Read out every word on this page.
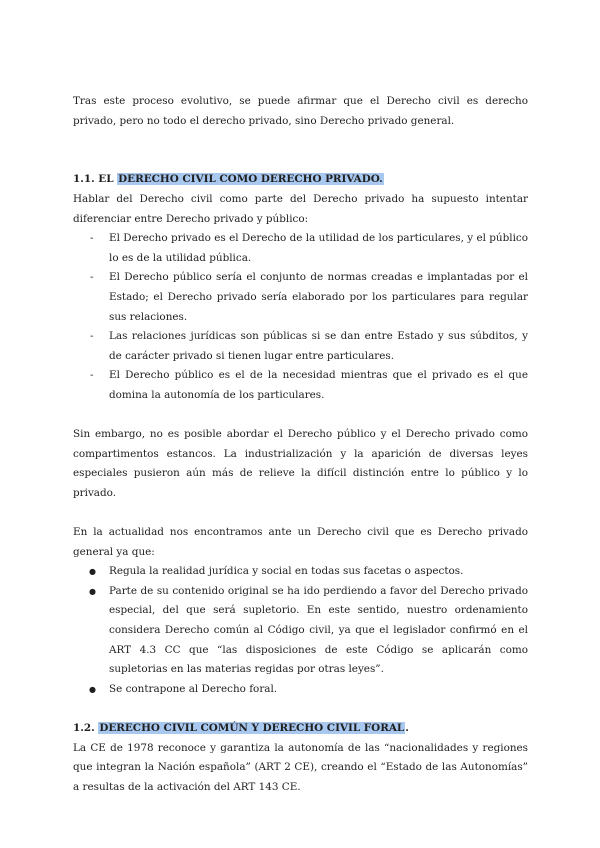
Tras este proceso evolutivo, se puede afirmar que el Derecho civil es derecho privado, pero no todo el derecho privado, sino Derecho privado general.

1.1. EL DERECHO CIVIL COMO DERECHO PRIVADO.

Hablar del Derecho civil como parte del Derecho privado ha supuesto intentar diferenciar entre Derecho privado y público:

- El Derecho privado es el Derecho de la utilidad de los particulares, y el público lo es de la utilidad pública.
- El Derecho público sería el conjunto de normas creadas e implantadas por el Estado; el Derecho privado sería elaborado por los particulares para regular sus relaciones.
- Las relaciones jurídicas son públicas si se dan entre Estado y sus súbditos, y de carácter privado si tienen lugar entre particulares.
- El Derecho público es el de la necesidad mientras que el privado es el que domina la autonomía de los particulares.

Sin embargo, no es posible abordar el Derecho público y el Derecho privado como compartimentos estancos. La industrialización y la aparición de diversas leyes especiales pusieron aún más de relieve la difícil distinción entre lo público y lo privado.

En la actualidad nos encontramos ante un Derecho civil que es Derecho privado general ya que:

● Regula la realidad jurídica y social en todas sus facetas o aspectos.
● Parte de su contenido original se ha ido perdiendo a favor del Derecho privado especial, del que será supletorio. En este sentido, nuestro ordenamiento considera Derecho común al Código civil, ya que el legislador confirmó en el ART 4.3 CC que “las disposiciones de este Código se aplicarán como supletorias en las materias regidas por otras leyes”.
● Se contrapone al Derecho foral.

1.2. DERECHO CIVIL COMÚN Y DERECHO CIVIL FORAL.

La CE de 1978 reconoce y garantiza la autonomía de las “nacionalidades y regiones que integran la Nación española” (ART 2 CE), creando el “Estado de las Autonomías” a resultas de la activación del ART 143 CE.
